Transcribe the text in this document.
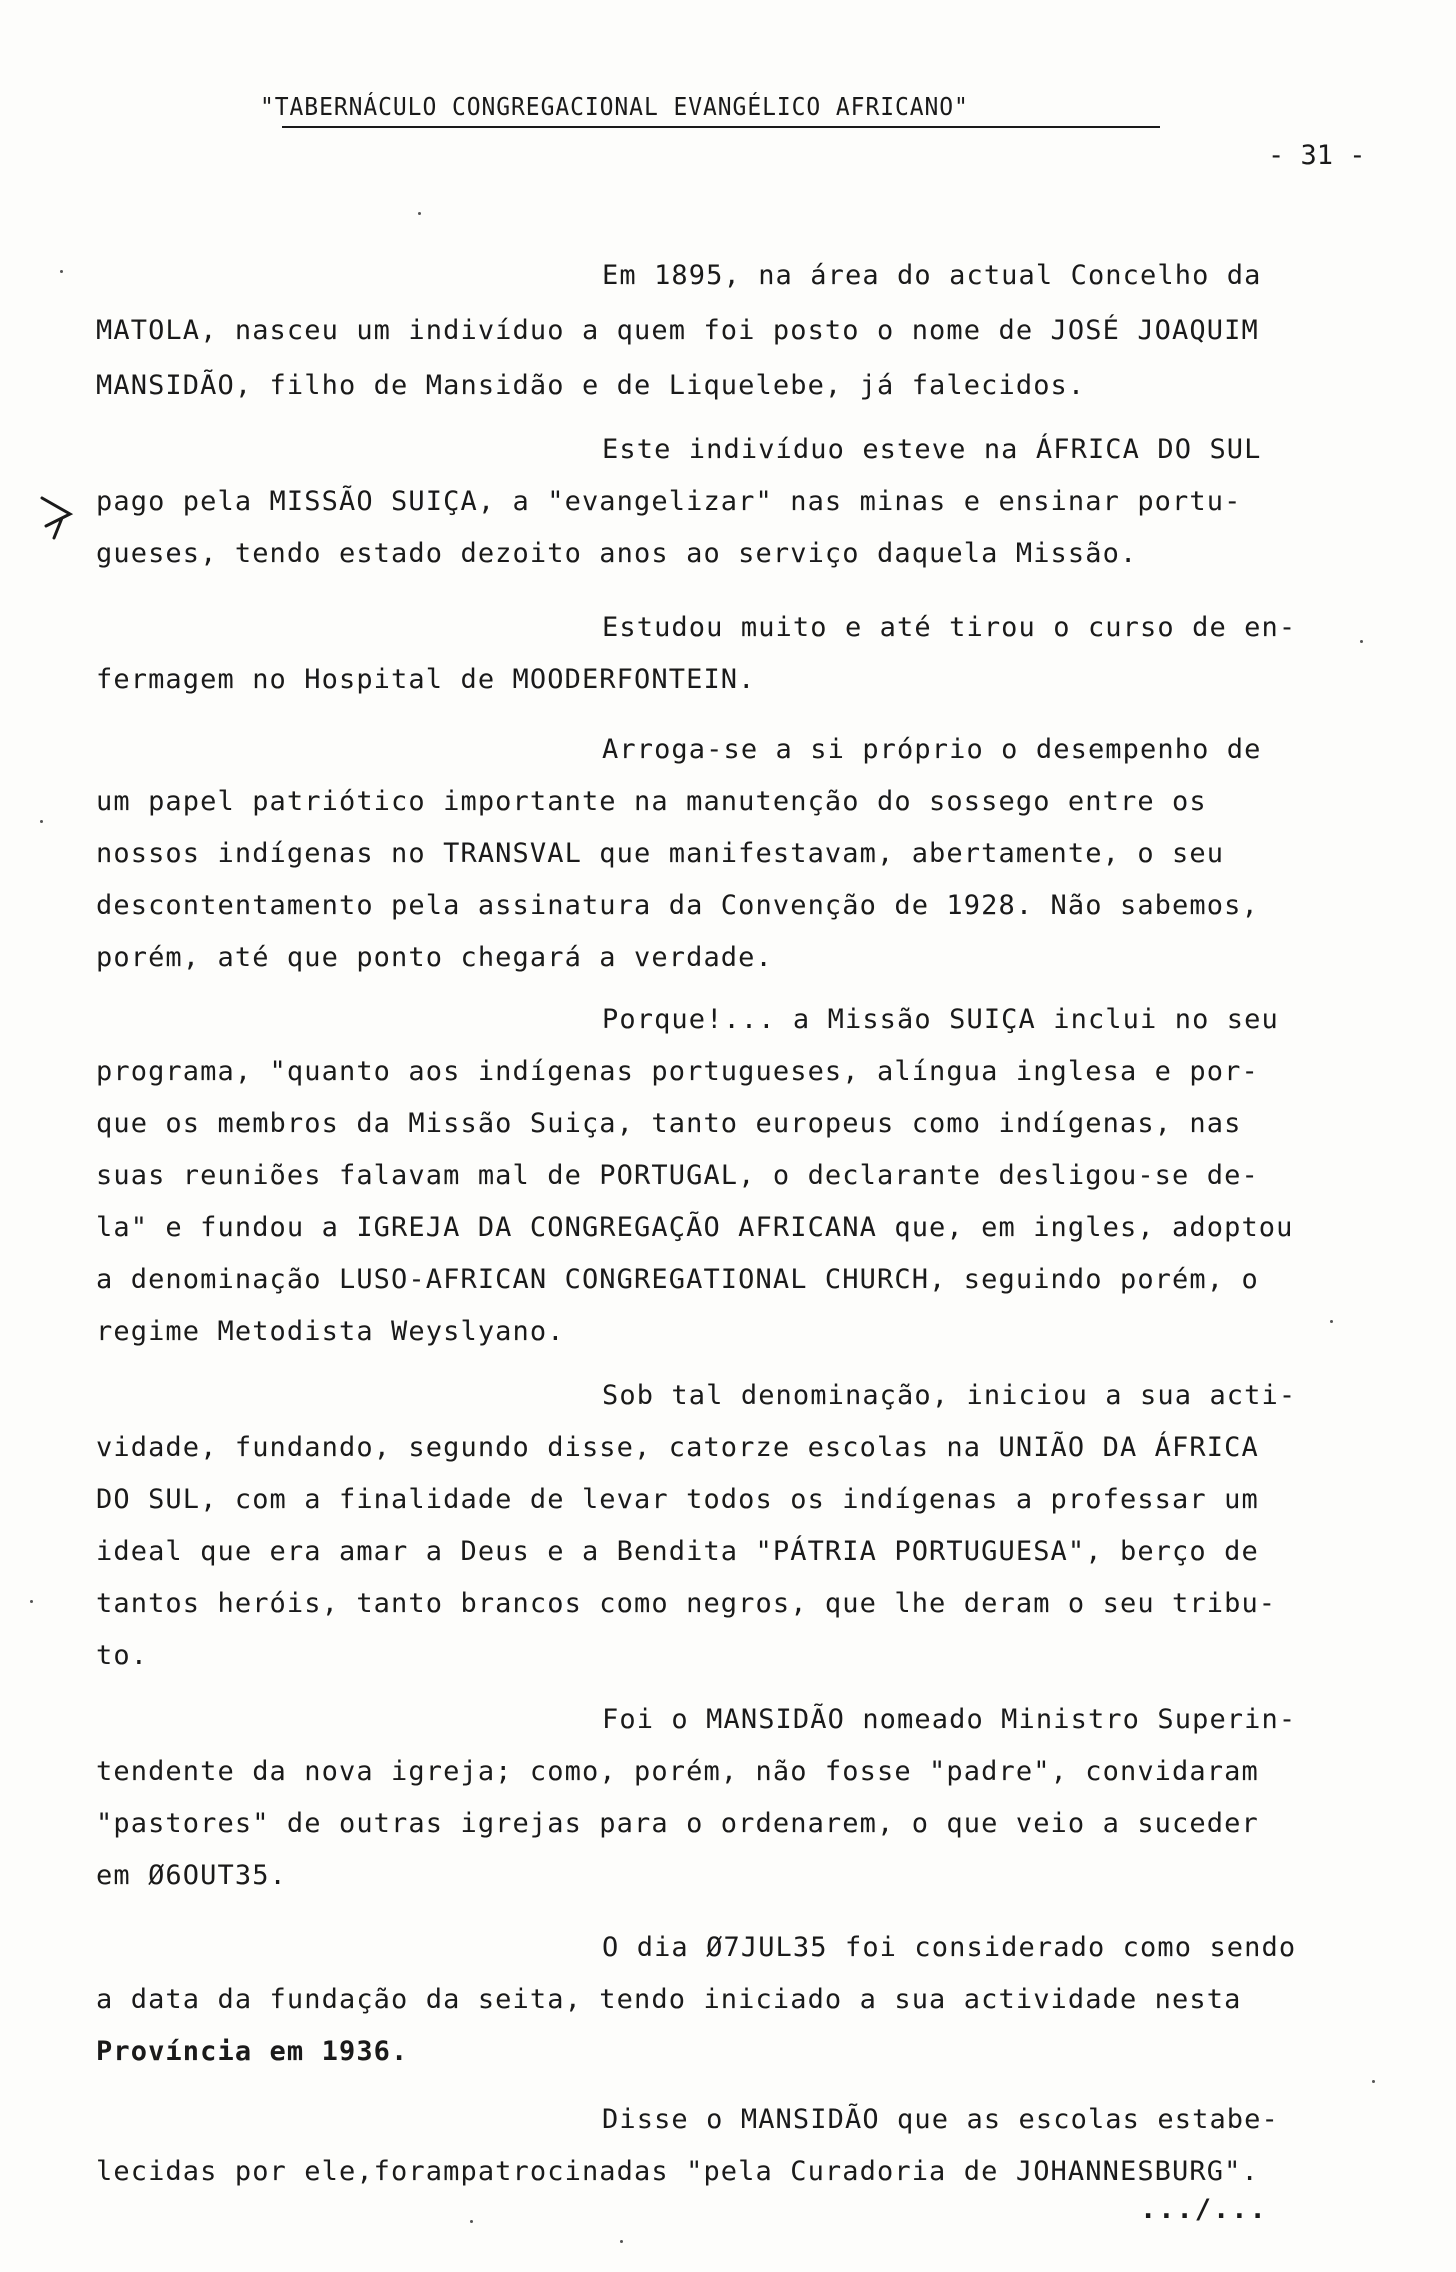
"TABERNÁCULO CONGREGACIONAL EVANGÉLICO AFRICANO"
- 31 -
Em 1895, na área do actual Concelho da
MATOLA, nasceu um indivíduo a quem foi posto o nome de JOSÉ JOAQUIM
MANSIDÃO, filho de Mansidão e de Liquelebe, já falecidos.
Este indivíduo esteve na ÁFRICA DO SUL
pago pela MISSÃO SUIÇA, a "evangelizar" nas minas e ensinar portu-
gueses, tendo estado dezoito anos ao serviço daquela Missão.
Estudou muito e até tirou o curso de en-
fermagem no Hospital de MOODERFONTEIN.
Arroga-se a si próprio o desempenho de
um papel patriótico importante na manutenção do sossego entre os
nossos indígenas no TRANSVAL que manifestavam, abertamente, o seu
descontentamento pela assinatura da Convenção de 1928. Não sabemos,
porém, até que ponto chegará a verdade.
Porque!... a Missão SUIÇA inclui no seu
programa, "quanto aos indígenas portugueses, alíngua inglesa e por-
que os membros da Missão Suiça, tanto europeus como indígenas, nas
suas reuniões falavam mal de PORTUGAL, o declarante desligou-se de-
la" e fundou a IGREJA DA CONGREGAÇÃO AFRICANA que, em ingles, adoptou
a denominação LUSO-AFRICAN CONGREGATIONAL CHURCH, seguindo porém, o
regime Metodista Weyslyano.
Sob tal denominação, iniciou a sua acti-
vidade, fundando, segundo disse, catorze escolas na UNIÃO DA ÁFRICA
DO SUL, com a finalidade de levar todos os indígenas a professar um
ideal que era amar a Deus e a Bendita "PÁTRIA PORTUGUESA", berço de
tantos heróis, tanto brancos como negros, que lhe deram o seu tribu-
to.
Foi o MANSIDÃO nomeado Ministro Superin-
tendente da nova igreja; como, porém, não fosse "padre", convidaram
"pastores" de outras igrejas para o ordenarem, o que veio a suceder
em Ø6OUT35.
O dia Ø7JUL35 foi considerado como sendo
a data da fundação da seita, tendo iniciado a sua actividade nesta
Província em 1936.
Disse o MANSIDÃO que as escolas estabe-
lecidas por ele,forampatrocinadas "pela Curadoria de JOHANNESBURG".
.../...
